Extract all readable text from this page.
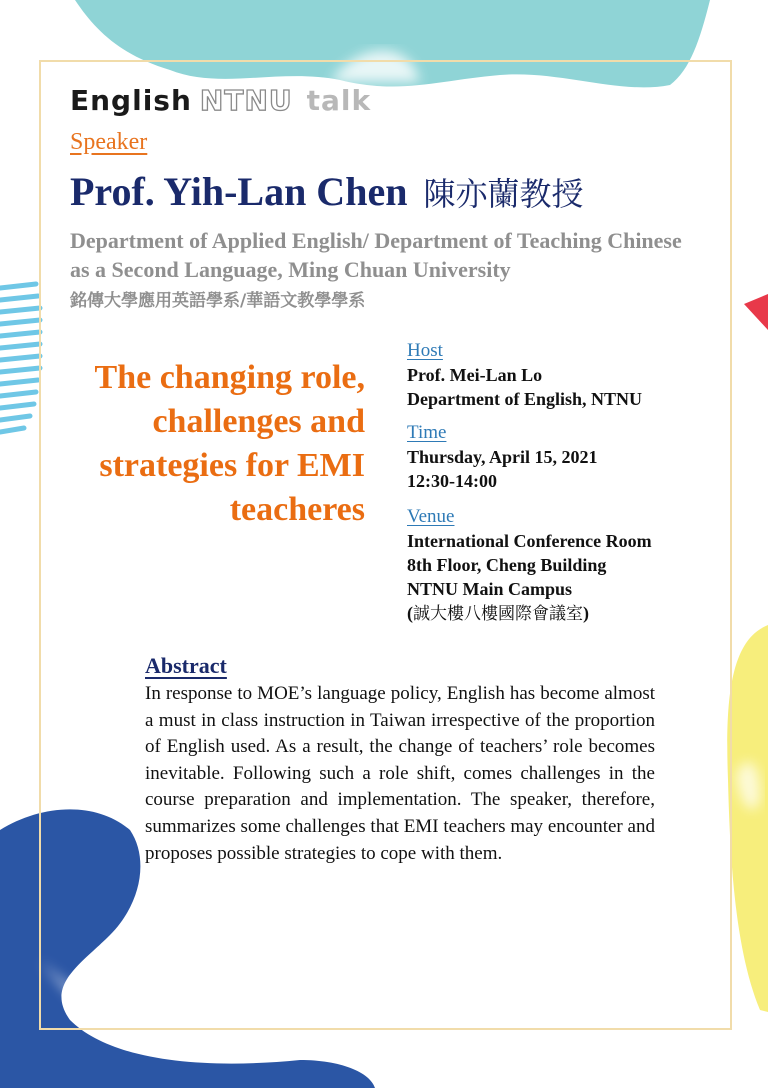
English NTNU talk
Speaker
Prof. Yih-Lan Chen 陳亦蘭教授
Department of Applied English/ Department of Teaching Chinese as a Second Language, Ming Chuan University
銘傳大學應用英語學系/華語文教學學系
The changing role, challenges and strategies for EMI teacheres
Host
Prof. Mei-Lan Lo
Department of English, NTNU
Time
Thursday, April 15, 2021
12:30-14:00
Venue
International Conference Room
8th Floor, Cheng Building
NTNU Main Campus
(誠大樓八樓國際會議室)
Abstract
In response to MOE’s language policy, English has become almost a must in class instruction in Taiwan irrespective of the proportion of English used. As a result, the change of teachers’ role becomes inevitable. Following such a role shift, comes challenges in the course preparation and implementation. The speaker, therefore, summarizes some challenges that EMI teachers may encounter and proposes possible strategies to cope with them.
